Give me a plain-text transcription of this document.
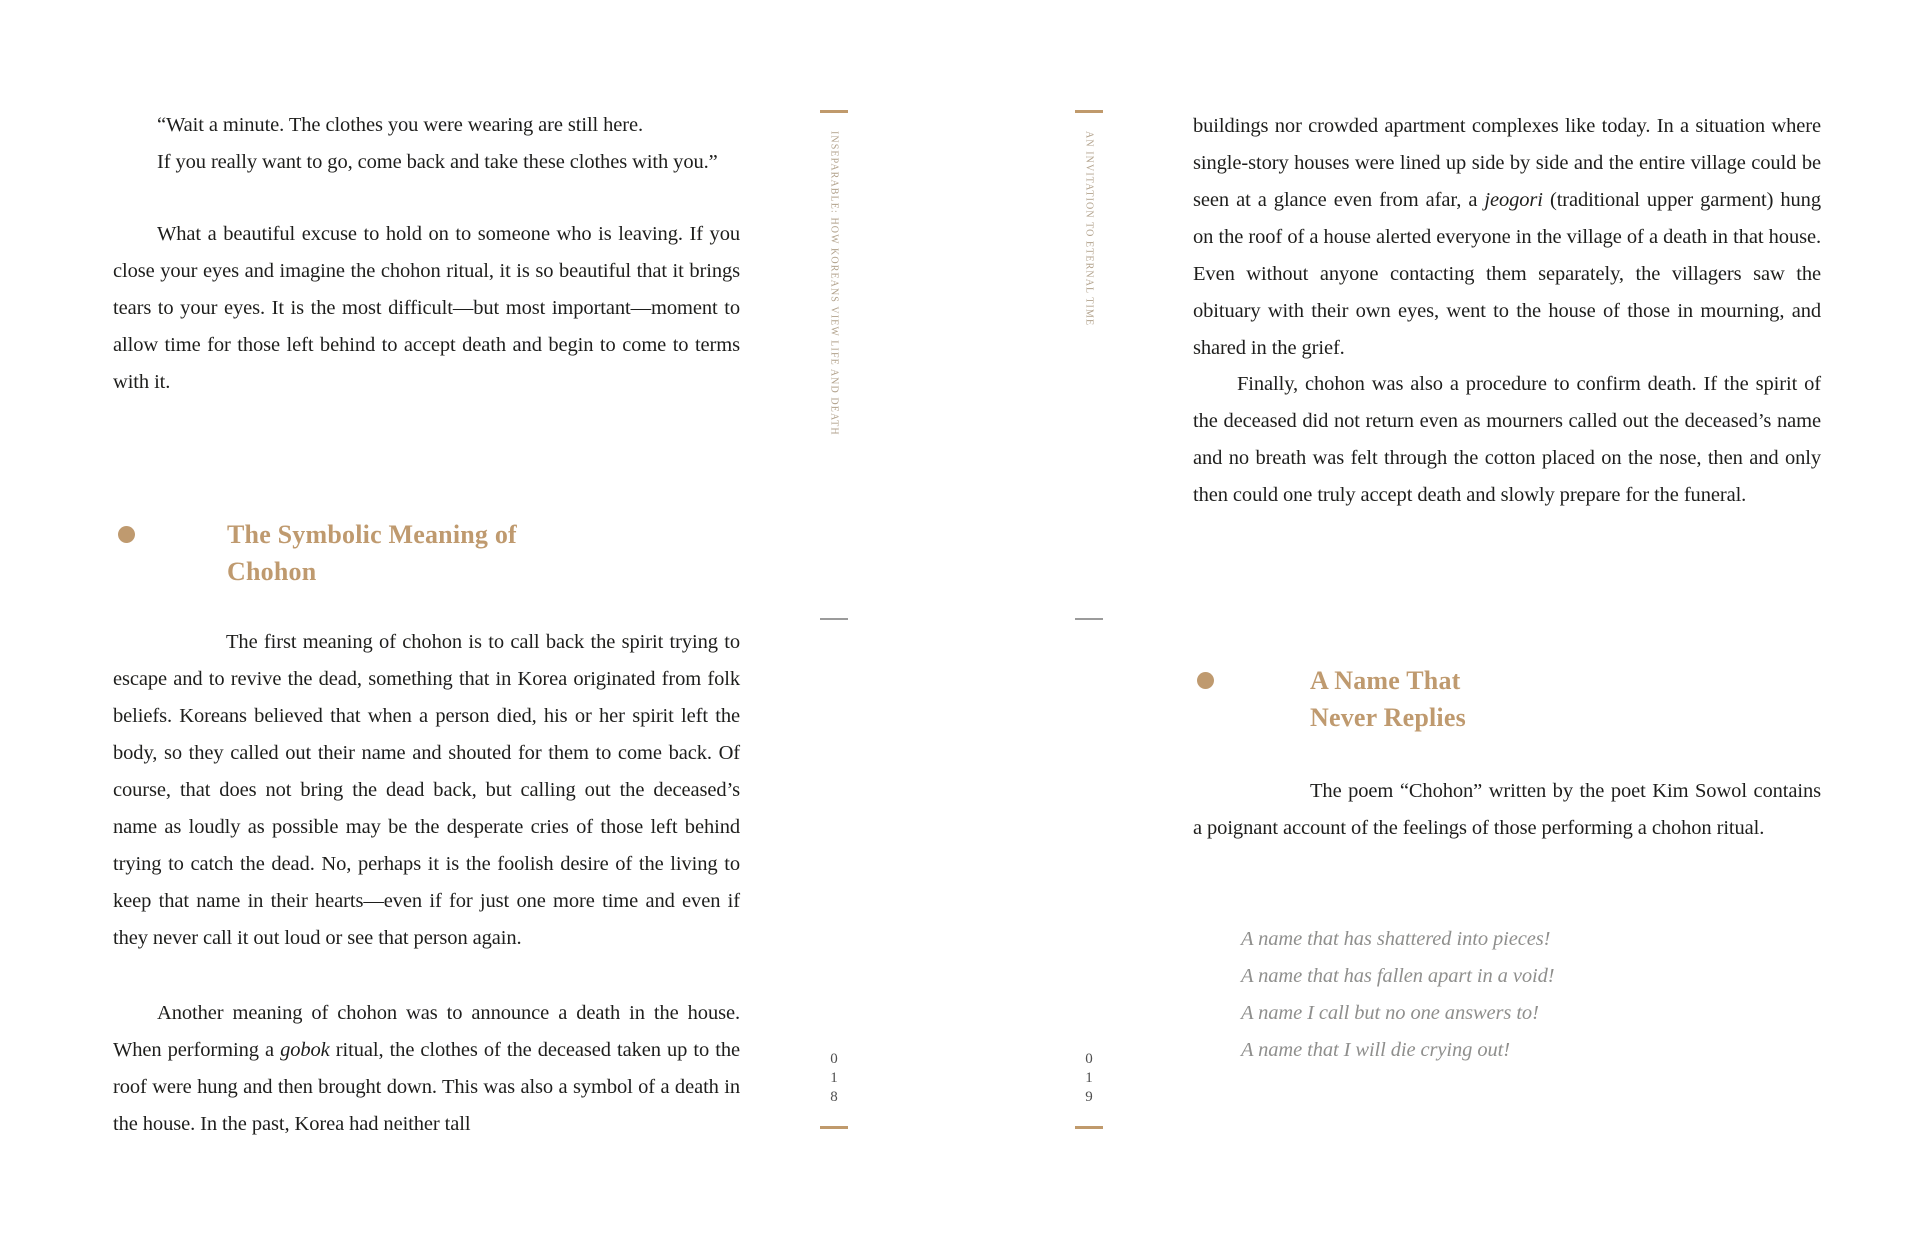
“Wait a minute. The clothes you were wearing are still here.
If you really want to go, come back and take these clothes with you.”

What a beautiful excuse to hold on to someone who is leaving. If you close your eyes and imagine the chohon ritual, it is so beautiful that it brings tears to your eyes. It is the most difficult—but most important—moment to allow time for those left behind to accept death and begin to come to terms with it.

The Symbolic Meaning of
Chohon

The first meaning of chohon is to call back the spirit trying to escape and to revive the dead, something that in Korea originated from folk beliefs. Koreans believed that when a person died, his or her spirit left the body, so they called out their name and shouted for them to come back. Of course, that does not bring the dead back, but calling out the deceased’s name as loudly as possible may be the desperate cries of those left behind trying to catch the dead. No, perhaps it is the foolish desire of the living to keep that name in their hearts—even if for just one more time and even if they never call it out loud or see that person again.

Another meaning of chohon was to announce a death in the house. When performing a gobok ritual, the clothes of the deceased taken up to the roof were hung and then brought down. This was also a symbol of a death in the house. In the past, Korea had neither tall

INSEPARABLE: HOW KOREANS VIEW LIFE AND DEATH
0
1
8
AN INVITATION TO ETERNAL TIME
0
1
9

buildings nor crowded apartment complexes like today. In a situation where single-story houses were lined up side by side and the entire village could be seen at a glance even from afar, a jeogori (traditional upper garment) hung on the roof of a house alerted everyone in the village of a death in that house. Even without anyone contacting them separately, the villagers saw the obituary with their own eyes, went to the house of those in mourning, and shared in the grief.

Finally, chohon was also a procedure to confirm death. If the spirit of the deceased did not return even as mourners called out the deceased’s name and no breath was felt through the cotton placed on the nose, then and only then could one truly accept death and slowly prepare for the funeral.

A Name That
Never Replies

The poem “Chohon” written by the poet Kim Sowol contains a poignant account of the feelings of those performing a chohon ritual.

A name that has shattered into pieces!
A name that has fallen apart in a void!
A name I call but no one answers to!
A name that I will die crying out!
